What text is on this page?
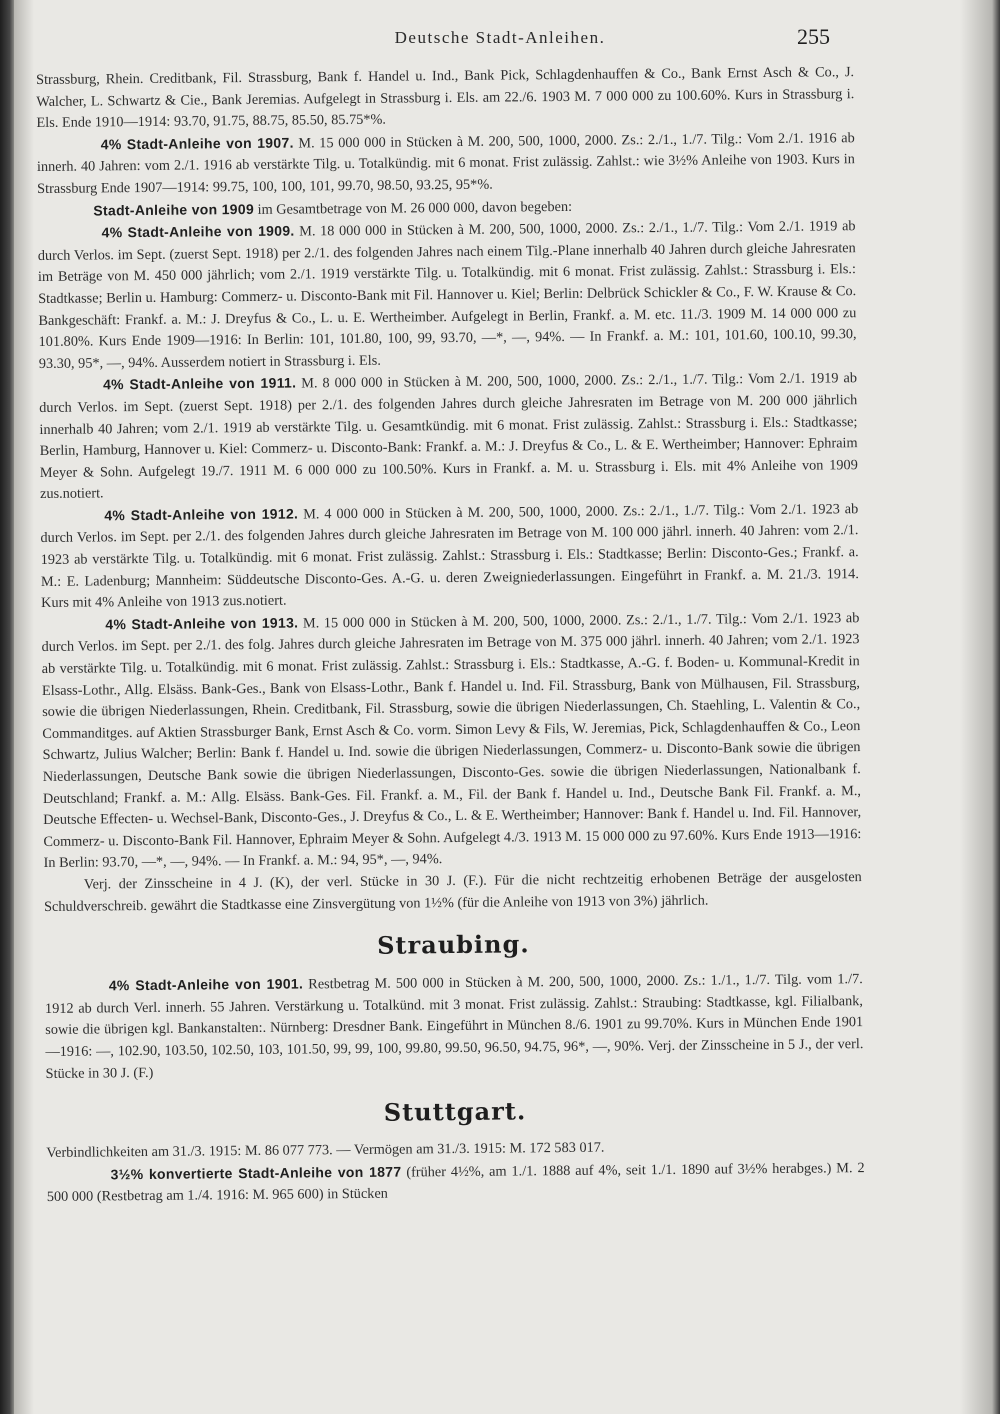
Deutsche Stadt-Anleihen.	255

Strassburg, Rhein. Creditbank, Fil. Strassburg, Bank f. Handel u. Ind., Bank Pick, Schlagdenhauffen & Co., Bank Ernst Asch & Co., J. Walcher, L. Schwartz & Cie., Bank Jeremias. Aufgelegt in Strassburg i. Els. am 22./6. 1903 M. 7 000 000 zu 100.60%. Kurs in Strassburg i. Els. Ende 1910—1914: 93.70, 91.75, 88.75, 85.50, 85.75*%.

4% Stadt-Anleihe von 1907. M. 15 000 000 in Stücken à M. 200, 500, 1000, 2000. Zs.: 2./1., 1./7. Tilg.: Vom 2./1. 1916 ab innerh. 40 Jahren: vom 2./1. 1916 ab verstärkte Tilg. u. Totalkündig. mit 6 monat. Frist zulässig. Zahlst.: wie 3½% Anleihe von 1903. Kurs in Strassburg Ende 1907—1914: 99.75, 100, 100, 101, 99.70, 98.50, 93.25, 95*%.

Stadt-Anleihe von 1909 im Gesamtbetrage von M. 26 000 000, davon begeben:

4% Stadt-Anleihe von 1909. M. 18 000 000 in Stücken à M. 200, 500, 1000, 2000. Zs.: 2./1., 1./7. Tilg.: Vom 2./1. 1919 ab durch Verlos. im Sept. (zuerst Sept. 1918) per 2./1. des folgenden Jahres nach einem Tilg.-Plane innerhalb 40 Jahren durch gleiche Jahresraten im Beträge von M. 450 000 jährlich; vom 2./1. 1919 verstärkte Tilg. u. Totalkündig. mit 6 monat. Frist zulässig. Zahlst.: Strassburg i. Els.: Stadtkasse; Berlin u. Hamburg: Commerz- u. Disconto-Bank mit Fil. Hannover u. Kiel; Berlin: Delbrück Schickler & Co., F. W. Krause & Co. Bankgeschäft: Frankf. a. M.: J. Dreyfus & Co., L. u. E. Wertheimber. Aufgelegt in Berlin, Frankf. a. M. etc. 11./3. 1909 M. 14 000 000 zu 101.80%. Kurs Ende 1909—1916: In Berlin: 101, 101.80, 100, 99, 93.70, —*, —, 94%. — In Frankf. a. M.: 101, 101.60, 100.10, 99.30, 93.30, 95*, —, 94%. Ausserdem notiert in Strassburg i. Els.

4% Stadt-Anleihe von 1911. M. 8 000 000 in Stücken à M. 200, 500, 1000, 2000. Zs.: 2./1., 1./7. Tilg.: Vom 2./1. 1919 ab durch Verlos. im Sept. (zuerst Sept. 1918) per 2./1. des folgenden Jahres durch gleiche Jahresraten im Betrage von M. 200 000 jährlich innerhalb 40 Jahren; vom 2./1. 1919 ab verstärkte Tilg. u. Gesamtkündig. mit 6 monat. Frist zulässig. Zahlst.: Strassburg i. Els.: Stadtkasse; Berlin, Hamburg, Hannover u. Kiel: Commerz- u. Disconto-Bank: Frankf. a. M.: J. Dreyfus & Co., L. & E. Wertheimber; Hannover: Ephraim Meyer & Sohn. Aufgelegt 19./7. 1911 M. 6 000 000 zu 100.50%. Kurs in Frankf. a. M. u. Strassburg i. Els. mit 4% Anleihe von 1909 zus.notiert.

4% Stadt-Anleihe von 1912. M. 4 000 000 in Stücken à M. 200, 500, 1000, 2000. Zs.: 2./1., 1./7. Tilg.: Vom 2./1. 1923 ab durch Verlos. im Sept. per 2./1. des folgenden Jahres durch gleiche Jahresraten im Betrage von M. 100 000 jährl. innerh. 40 Jahren: vom 2./1. 1923 ab verstärkte Tilg. u. Totalkündig. mit 6 monat. Frist zulässig. Zahlst.: Strassburg i. Els.: Stadtkasse; Berlin: Disconto-Ges.; Frankf. a. M.: E. Ladenburg; Mannheim: Süddeutsche Disconto-Ges. A.-G. u. deren Zweigniederlassungen. Eingeführt in Frankf. a. M. 21./3. 1914. Kurs mit 4% Anleihe von 1913 zus.notiert.

4% Stadt-Anleihe von 1913. M. 15 000 000 in Stücken à M. 200, 500, 1000, 2000. Zs.: 2./1., 1./7. Tilg.: Vom 2./1. 1923 ab durch Verlos. im Sept. per 2./1. des folg. Jahres durch gleiche Jahresraten im Betrage von M. 375 000 jährl. innerh. 40 Jahren; vom 2./1. 1923 ab verstärkte Tilg. u. Totalkündig. mit 6 monat. Frist zulässig. Zahlst.: Strassburg i. Els.: Stadtkasse, A.-G. f. Boden- u. Kommunal-Kredit in Elsass-Lothr., Allg. Elsäss. Bank-Ges., Bank von Elsass-Lothr., Bank f. Handel u. Ind. Fil. Strassburg, Bank von Mülhausen, Fil. Strassburg, sowie die übrigen Niederlassungen, Rhein. Creditbank, Fil. Strassburg, sowie die übrigen Niederlassungen, Ch. Staehling, L. Valentin & Co., Commanditges. auf Aktien Strassburger Bank, Ernst Asch & Co. vorm. Simon Levy & Fils, W. Jeremias, Pick, Schlagdenhauffen & Co., Leon Schwartz, Julius Walcher; Berlin: Bank f. Handel u. Ind. sowie die übrigen Niederlassungen, Commerz- u. Disconto-Bank sowie die übrigen Niederlassungen, Deutsche Bank sowie die übrigen Niederlassungen, Disconto-Ges. sowie die übrigen Niederlassungen, Nationalbank f. Deutschland; Frankf. a. M.: Allg. Elsäss. Bank-Ges. Fil. Frankf. a. M., Fil. der Bank f. Handel u. Ind., Deutsche Bank Fil. Frankf. a. M., Deutsche Effecten- u. Wechsel-Bank, Disconto-Ges., J. Dreyfus & Co., L. & E. Wertheimber; Hannover: Bank f. Handel u. Ind. Fil. Hannover, Commerz- u. Disconto-Bank Fil. Hannover, Ephraim Meyer & Sohn. Aufgelegt 4./3. 1913 M. 15 000 000 zu 97.60%. Kurs Ende 1913—1916: In Berlin: 93.70, —*, —, 94%. — In Frankf. a. M.: 94, 95*, —, 94%.

Verj. der Zinsscheine in 4 J. (K), der verl. Stücke in 30 J. (F.). Für die nicht rechtzeitig erhobenen Beträge der ausgelosten Schuldverschreib. gewährt die Stadtkasse eine Zinsvergütung von 1½% (für die Anleihe von 1913 von 3%) jährlich.

Straubing.

4% Stadt-Anleihe von 1901. Restbetrag M. 500 000 in Stücken à M. 200, 500, 1000, 2000. Zs.: 1./1., 1./7. Tilg. vom 1./7. 1912 ab durch Verl. innerh. 55 Jahren. Verstärkung u. Totalkünd. mit 3 monat. Frist zulässig. Zahlst.: Straubing: Stadtkasse, kgl. Filialbank, sowie die übrigen kgl. Bankanstalten:. Nürnberg: Dresdner Bank. Eingeführt in München 8./6. 1901 zu 99.70%. Kurs in München Ende 1901—1916: —, 102.90, 103.50, 102.50, 103, 101.50, 99, 99, 100, 99.80, 99.50, 96.50, 94.75, 96*, —, 90%. Verj. der Zinsscheine in 5 J., der verl. Stücke in 30 J. (F.)

Stuttgart.

Verbindlichkeiten am 31./3. 1915: M. 86 077 773. — Vermögen am 31./3. 1915: M. 172 583 017.

3½% konvertierte Stadt-Anleihe von 1877 (früher 4½%, am 1./1. 1888 auf 4%, seit 1./1. 1890 auf 3½% herabges.) M. 2 500 000 (Restbetrag am 1./4. 1916: M. 965 600) in Stücken
